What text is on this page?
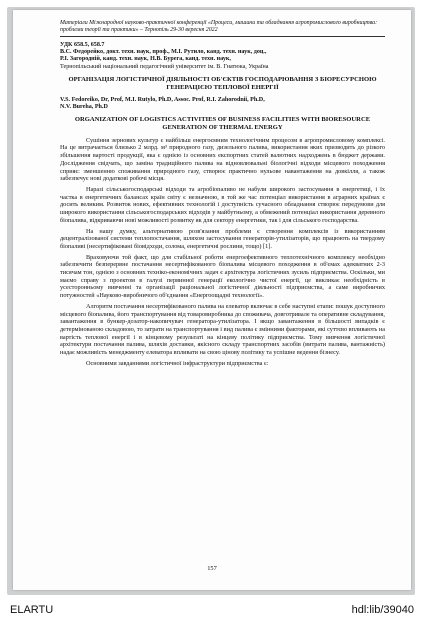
Матеріали Міжнародної науково-практичної конференції «Процеси, машини та обладнання агропромислового виробництва: проблеми теорії та практики» – Тернопіль 29-30 вересня 2022
УДК 658.5, 658.7
В.С. Федорейко, докт. техн. наук, проф., М.І. Рутило, канд. техн. наук, доц.,
Р.І. Загородній, канд. техн. наук, Н.В. Бурега, канд. техн. наук,
Тернопільський національний педагогічний університет ім. В. Гнатюка, Україна
ОРГАНІЗАЦІЯ ЛОГІСТИЧНОЇ ДІЯЛЬНОСТІ ОБ'ЄКТІВ ГОСПОДАРЮВАННЯ З БІОРЕСУРСНОЮ ГЕНЕРАЦІЄЮ ТЕПЛОВОЇ ЕНЕРГІЇ
V.S. Fedoreiko, Dr, Prof, M.I. Rutylo, Ph.D, Assoc. Prof, R.I. Zahorodnii, Ph.D,
N.V. Bureha, Ph.D
ORGANIZATION OF LOGISTICS ACTIVITIES OF BUSINESS FACILITIES WITH BIORESOURCE GENERATION OF THERMAL ENERGY

Сушіння зернових культур є найбільш енергоємним технологічним процесом в агропромисловому комплексі. На це витрачається близько 2 млрд. м³ природного газу, дизельного палива, використання яких призводить до різкого збільшення вартості продукції, яка є однією із основних експортних статей валютних надходжень в бюджет держави. Дослідження свідчать, що заміна традиційного палива на відновлювальні біологічні відходи місцевого походження сприяє: зменшенню споживання природного газу, створює практично нульове навантаження на довкілля, а також забезпечує нові додаткові робочі місця.

Наразі сільськогосподарські відходи та агробіопаливо не набули широкого застосування в енергетиці, і їх частка в енергетичних балансах країн світу є незначною, в той же час потенціал використання в аграрних країнах є досить великим. Розвиток нових, ефективних технологій і доступність сучасного обладнання створює передумови для широкого використання сільськогосподарських відходів у майбутньому, а обмежений потенціал використання деревного біопалива, відкриваючи нові можливості розвитку як для сектору енергетики, так і для сільського господарства.

На нашу думку, альтернативою розв'язання проблеми є створення комплексів із використанням децентралізованої системи теплопостачання, шляхом застосування генераторів-утилізаторів, що працюють на твердому біопаливі (несертифіковані біовідходи, солома, енергетичні рослини, тощо) [1].

Враховуючи той факт, що для стабільної роботи енергоефективного теплотехнічного комплексу необхідно забезпечити безперервне постачання несертифікованого біопалива місцевого походження в об'ємах адекватних 2-3 тисячам тон, однією з основних техніко-економічних задач є архітектура логістичних зусиль підприємства. Оскільки, ми маємо справу з проектом в галузі первинної генерації екологічно чистої енергії, це викликає необхідність в усесторонньому вивченні та організації раціональної логістичної діяльності підприємства, а саме виробничих потужностей «Науково-виробничого об'єднання «Енергоощадні технології».

Алгоритм постачання несертифікованого палива на елеватор включає в себе наступні етапи: пошук доступного місцевого біопалива, його транспортування від товаровиробника до споживача, довготривале та оперативне складування, завантаження в бункер-дозатор-накопичувач генератора-утилізатора. І якщо завантаження в більшості випадків є детермінованою складовою, то затрати на транспортування і вид палива є змінними факторами, які суттєво впливають на вартість теплової енергії і в кінцевому результаті на кінцеву політику підприємства. Тому вивчення логістичної архітектури постачання палива, шляхів доставки, якісного складу транспортних засобів (витрати палива, вантажність) надає можливість менеджменту елеватора впливати на свою цінову політику та успішне ведення бізнесу.

Основними завданнями логістичної інфраструктури підприємства є:

157
ELARTU	hdl:lib/39040
